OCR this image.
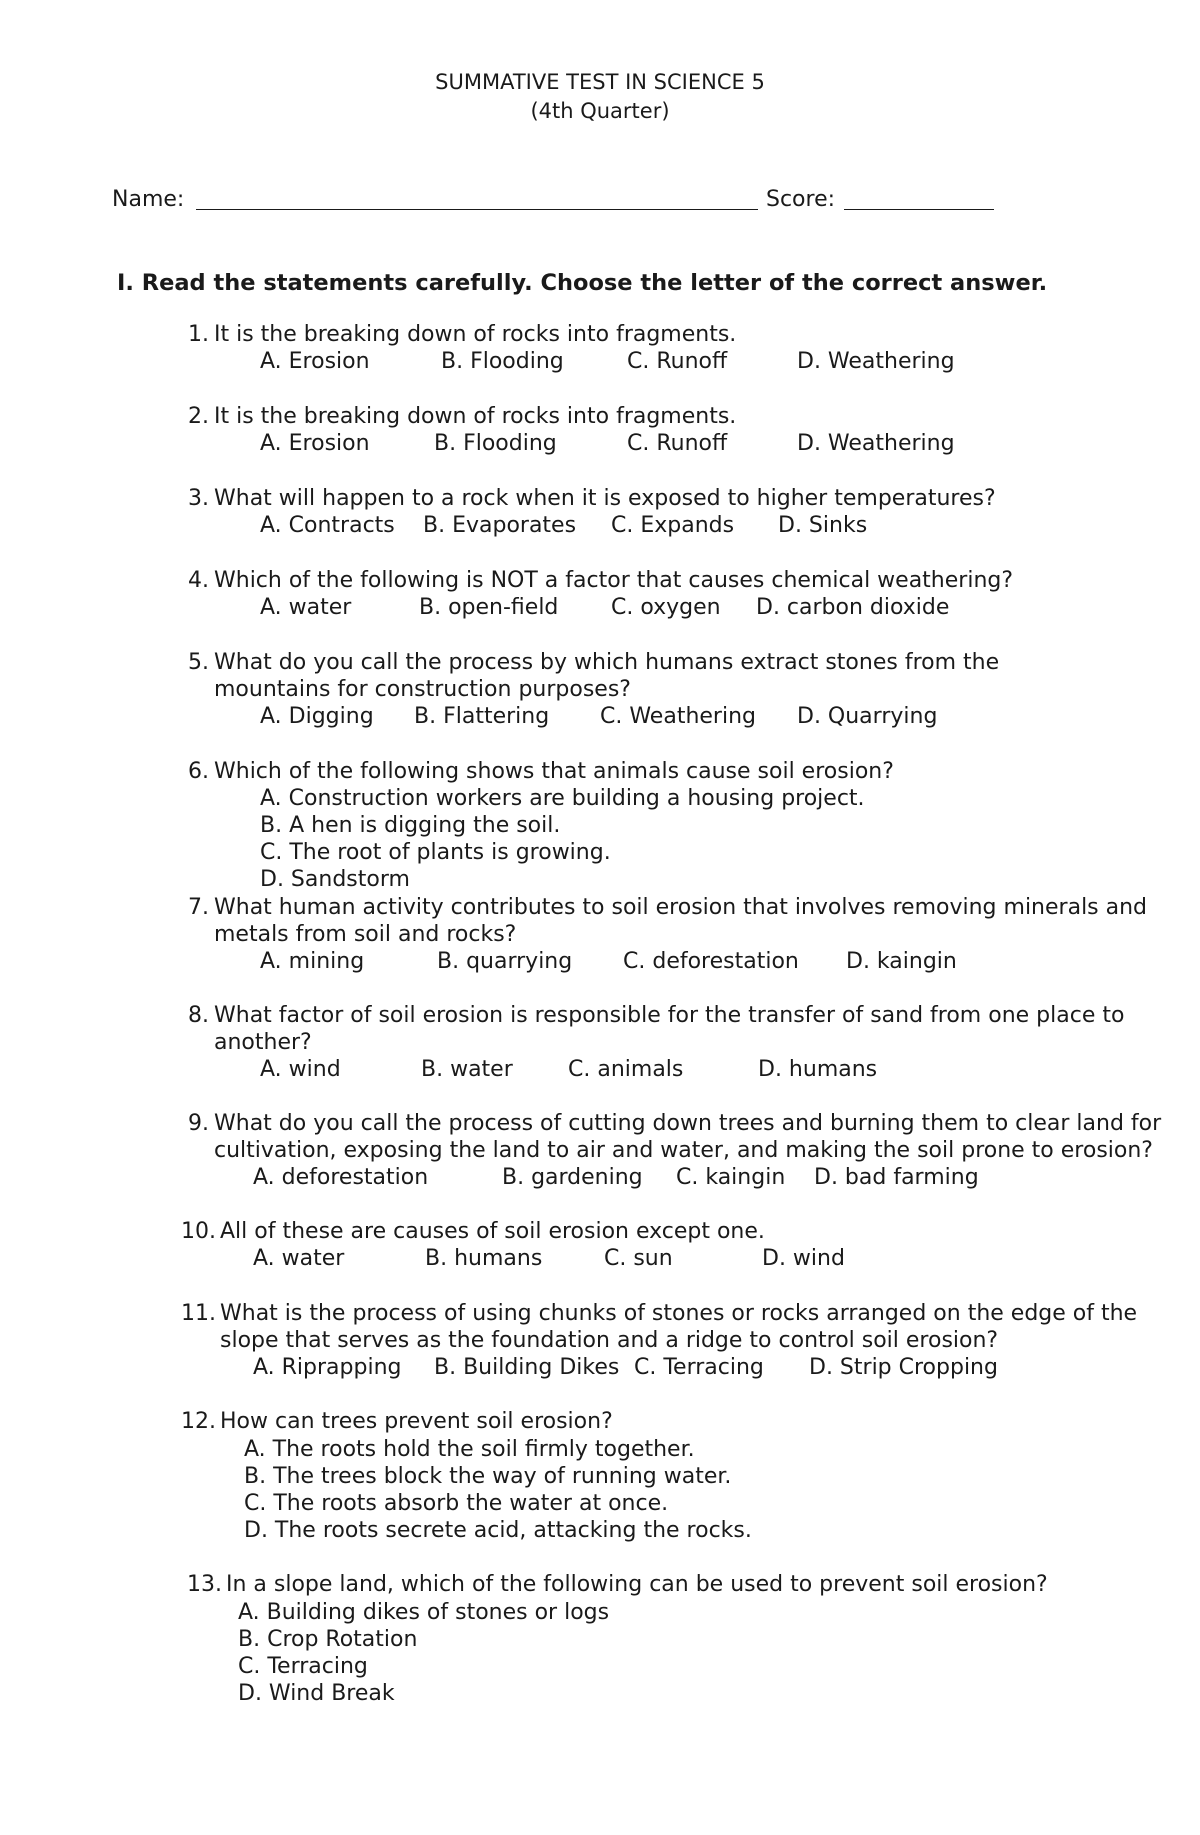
SUMMATIVE TEST IN SCIENCE 5
(4th Quarter)
Name:	Score:
I. Read the statements carefully. Choose the letter of the correct answer.
1. It is the breaking down of rocks into fragments.
A. Erosion	B. Flooding	C. Runoff	D. Weathering
2. It is the breaking down of rocks into fragments.
A. Erosion	B. Flooding	C. Runoff	D. Weathering
3. What will happen to a rock when it is exposed to higher temperatures?
A. Contracts B. Evaporates C. Expands D. Sinks
4. Which of the following is NOT a factor that causes chemical weathering?
A. water	B. open-field C. oxygen D. carbon dioxide
5. What do you call the process by which humans extract stones from the
mountains for construction purposes?
A. Digging B. Flattering C. Weathering D. Quarrying
6. Which of the following shows that animals cause soil erosion?
A. Construction workers are building a housing project.
B. A hen is digging the soil.
C. The root of plants is growing.
D. Sandstorm
7. What human activity contributes to soil erosion that involves removing minerals and
metals from soil and rocks?
A. mining	B. quarrying C. deforestation D. kaingin
8. What factor of soil erosion is responsible for the transfer of sand from one place to
another?
A. wind	B. water	C. animals	D. humans
9. What do you call the process of cutting down trees and burning them to clear land for
cultivation, exposing the land to air and water, and making the soil prone to erosion?
A. deforestation	B. gardening C. kaingin D. bad farming
10. All of these are causes of soil erosion except one.
A. water	B. humans	C. sun	D. wind
11. What is the process of using chunks of stones or rocks arranged on the edge of the
slope that serves as the foundation and a ridge to control soil erosion?
A. Riprapping B. Building Dikes C. Terracing D. Strip Cropping
12. How can trees prevent soil erosion?
A. The roots hold the soil firmly together.
B. The trees block the way of running water.
C. The roots absorb the water at once.
D. The roots secrete acid, attacking the rocks.
13. In a slope land, which of the following can be used to prevent soil erosion?
A. Building dikes of stones or logs
B. Crop Rotation
C. Terracing
D. Wind Break
